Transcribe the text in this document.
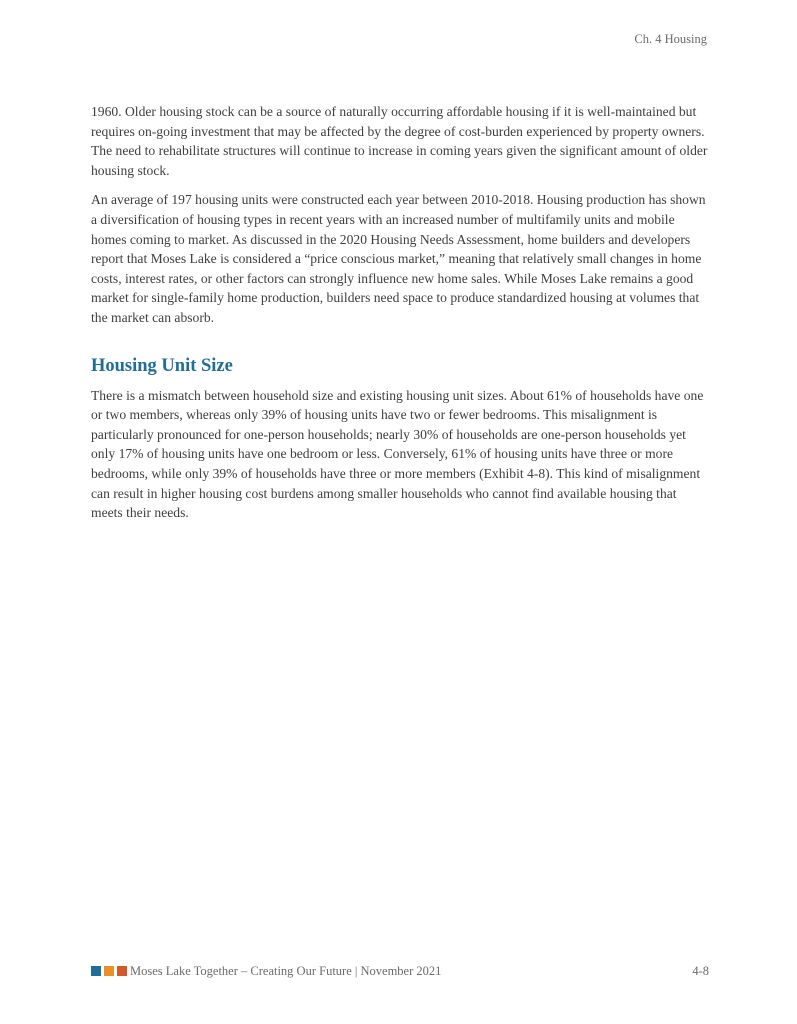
Ch. 4 Housing

1960. Older housing stock can be a source of naturally occurring affordable housing if it is well-maintained but requires on-going investment that may be affected by the degree of cost-burden experienced by property owners. The need to rehabilitate structures will continue to increase in coming years given the significant amount of older housing stock.

An average of 197 housing units were constructed each year between 2010-2018. Housing production has shown a diversification of housing types in recent years with an increased number of multifamily units and mobile homes coming to market. As discussed in the 2020 Housing Needs Assessment, home builders and developers report that Moses Lake is considered a “price conscious market,” meaning that relatively small changes in home costs, interest rates, or other factors can strongly influence new home sales. While Moses Lake remains a good market for single-family home production, builders need space to produce standardized housing at volumes that the market can absorb.

Housing Unit Size

There is a mismatch between household size and existing housing unit sizes. About 61% of households have one or two members, whereas only 39% of housing units have two or fewer bedrooms. This misalignment is particularly pronounced for one-person households; nearly 30% of households are one-person households yet only 17% of housing units have one bedroom or less. Conversely, 61% of housing units have three or more bedrooms, while only 39% of households have three or more members (Exhibit 4-8). This kind of misalignment can result in higher housing cost burdens among smaller households who cannot find available housing that meets their needs.

Moses Lake Together – Creating Our Future | November 2021	4-8
